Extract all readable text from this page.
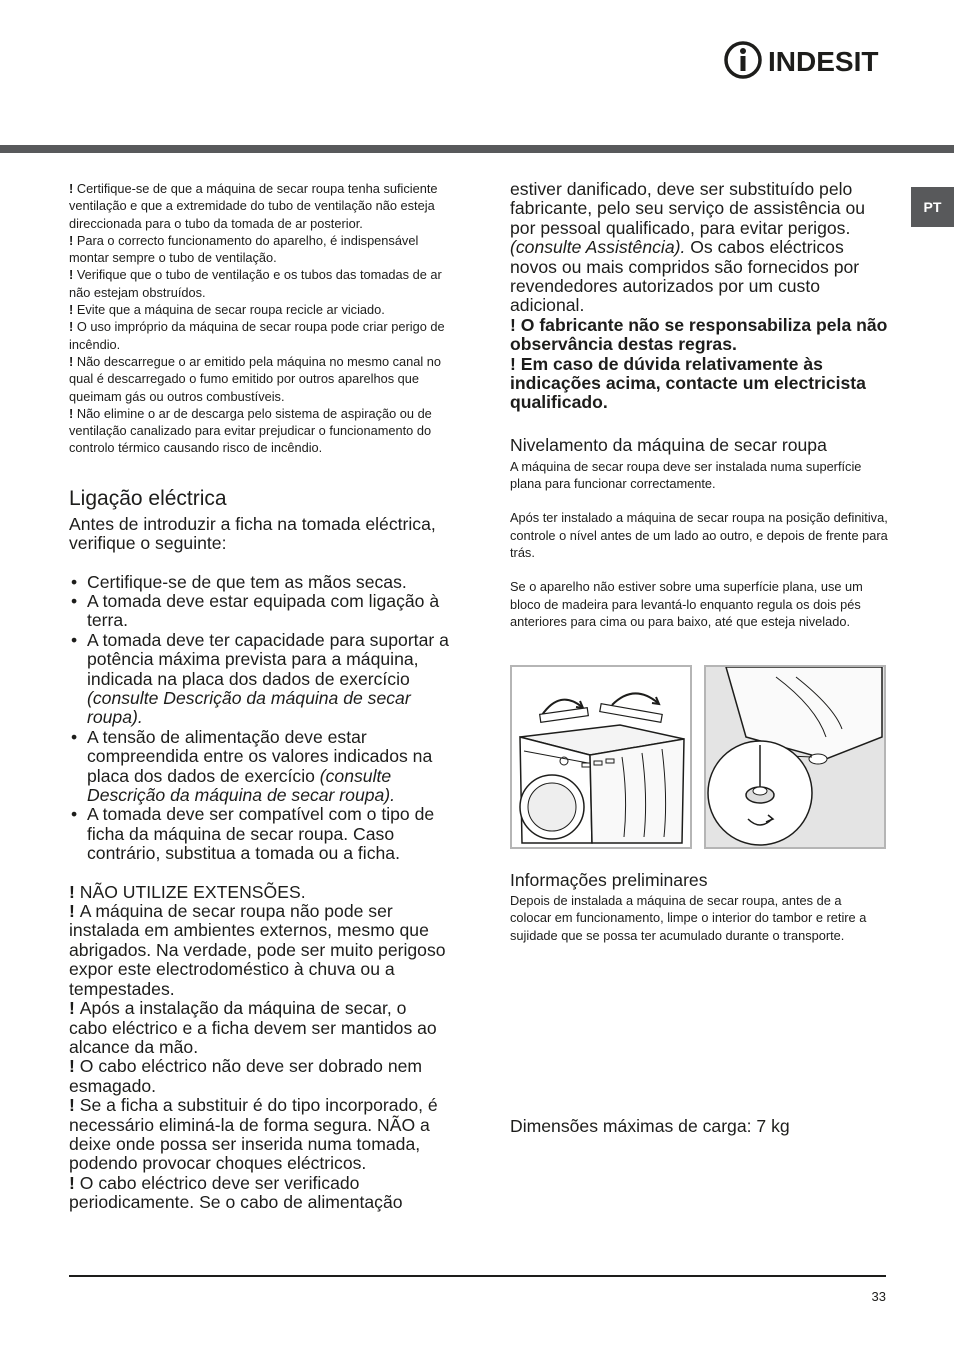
INDESIT
PT

! Certifique-se de que a máquina de secar roupa tenha suficiente ventilação e que a extremidade do tubo de ventilação não esteja direccionada para o tubo da tomada de ar posterior.

! Para o correcto funcionamento do aparelho, é indispensável montar sempre o tubo de ventilação.

! Verifique que o tubo de ventilação e os tubos das tomadas de ar não estejam obstruídos.

! Evite que a máquina de secar roupa recicle ar viciado.

! O uso impróprio da máquina de secar roupa pode criar perigo de incêndio.

! Não descarregue o ar emitido pela máquina no mesmo canal no qual é descarregado o fumo emitido por outros aparelhos que queimam gás ou outros combustíveis.

! Não elimine o ar de descarga pelo sistema de aspiração ou de ventilação canalizado para evitar prejudicar o funcionamento do controlo térmico causando risco de incêndio.

Ligação eléctrica

Antes de introduzir a ficha na tomada eléctrica, verifique o seguinte:

• Certifique-se de que tem as mãos secas.
• A tomada deve estar equipada com ligação à terra.
• A tomada deve ter capacidade para suportar a potência máxima prevista para a máquina, indicada na placa dos dados de exercício (consulte Descrição da máquina de secar roupa).
• A tensão de alimentação deve estar compreendida entre os valores indicados na placa dos dados de exercício (consulte Descrição da máquina de secar roupa).
• A tomada deve ser compatível com o tipo de ficha da máquina de secar roupa. Caso contrário, substitua a tomada ou a ficha.

! NÃO UTILIZE EXTENSÕES.

! A máquina de secar roupa não pode ser instalada em ambientes externos, mesmo que abrigados. Na verdade, pode ser muito perigoso expor este electrodoméstico à chuva ou a tempestades.

! Após a instalação da máquina de secar, o cabo eléctrico e a ficha devem ser mantidos ao alcance da mão.

! O cabo eléctrico não deve ser dobrado nem esmagado.

! Se a ficha a substituir é do tipo incorporado, é necessário eliminá-la de forma segura. NÃO a deixe onde possa ser inserida numa tomada, podendo provocar choques eléctricos.

! O cabo eléctrico deve ser verificado periodicamente. Se o cabo de alimentação

estiver danificado, deve ser substituído pelo fabricante, pelo seu serviço de assistência ou por pessoal qualificado, para evitar perigos. (consulte Assistência). Os cabos eléctricos novos ou mais compridos são fornecidos por revendedores autorizados por um custo adicional.

! O fabricante não se responsabiliza pela não observância destas regras.

! Em caso de dúvida relativamente às indicações acima, contacte um electricista qualificado.

Nivelamento da máquina de secar roupa

A máquina de secar roupa deve ser instalada numa superfície plana para funcionar correctamente.

Após ter instalado a máquina de secar roupa na posição definitiva, controle o nível antes de um lado ao outro, e depois de frente para trás.

Se o aparelho não estiver sobre uma superfície plana, use um bloco de madeira para levantá-lo enquanto regula os dois pés anteriores para cima ou para baixo, até que esteja nivelado.

Informações preliminares

Depois de instalada a máquina de secar roupa, antes de a colocar em funcionamento, limpe o interior do tambor e retire a sujidade que se possa ter acumulado durante o transporte.

Dimensões máximas de carga: 7 kg
33
